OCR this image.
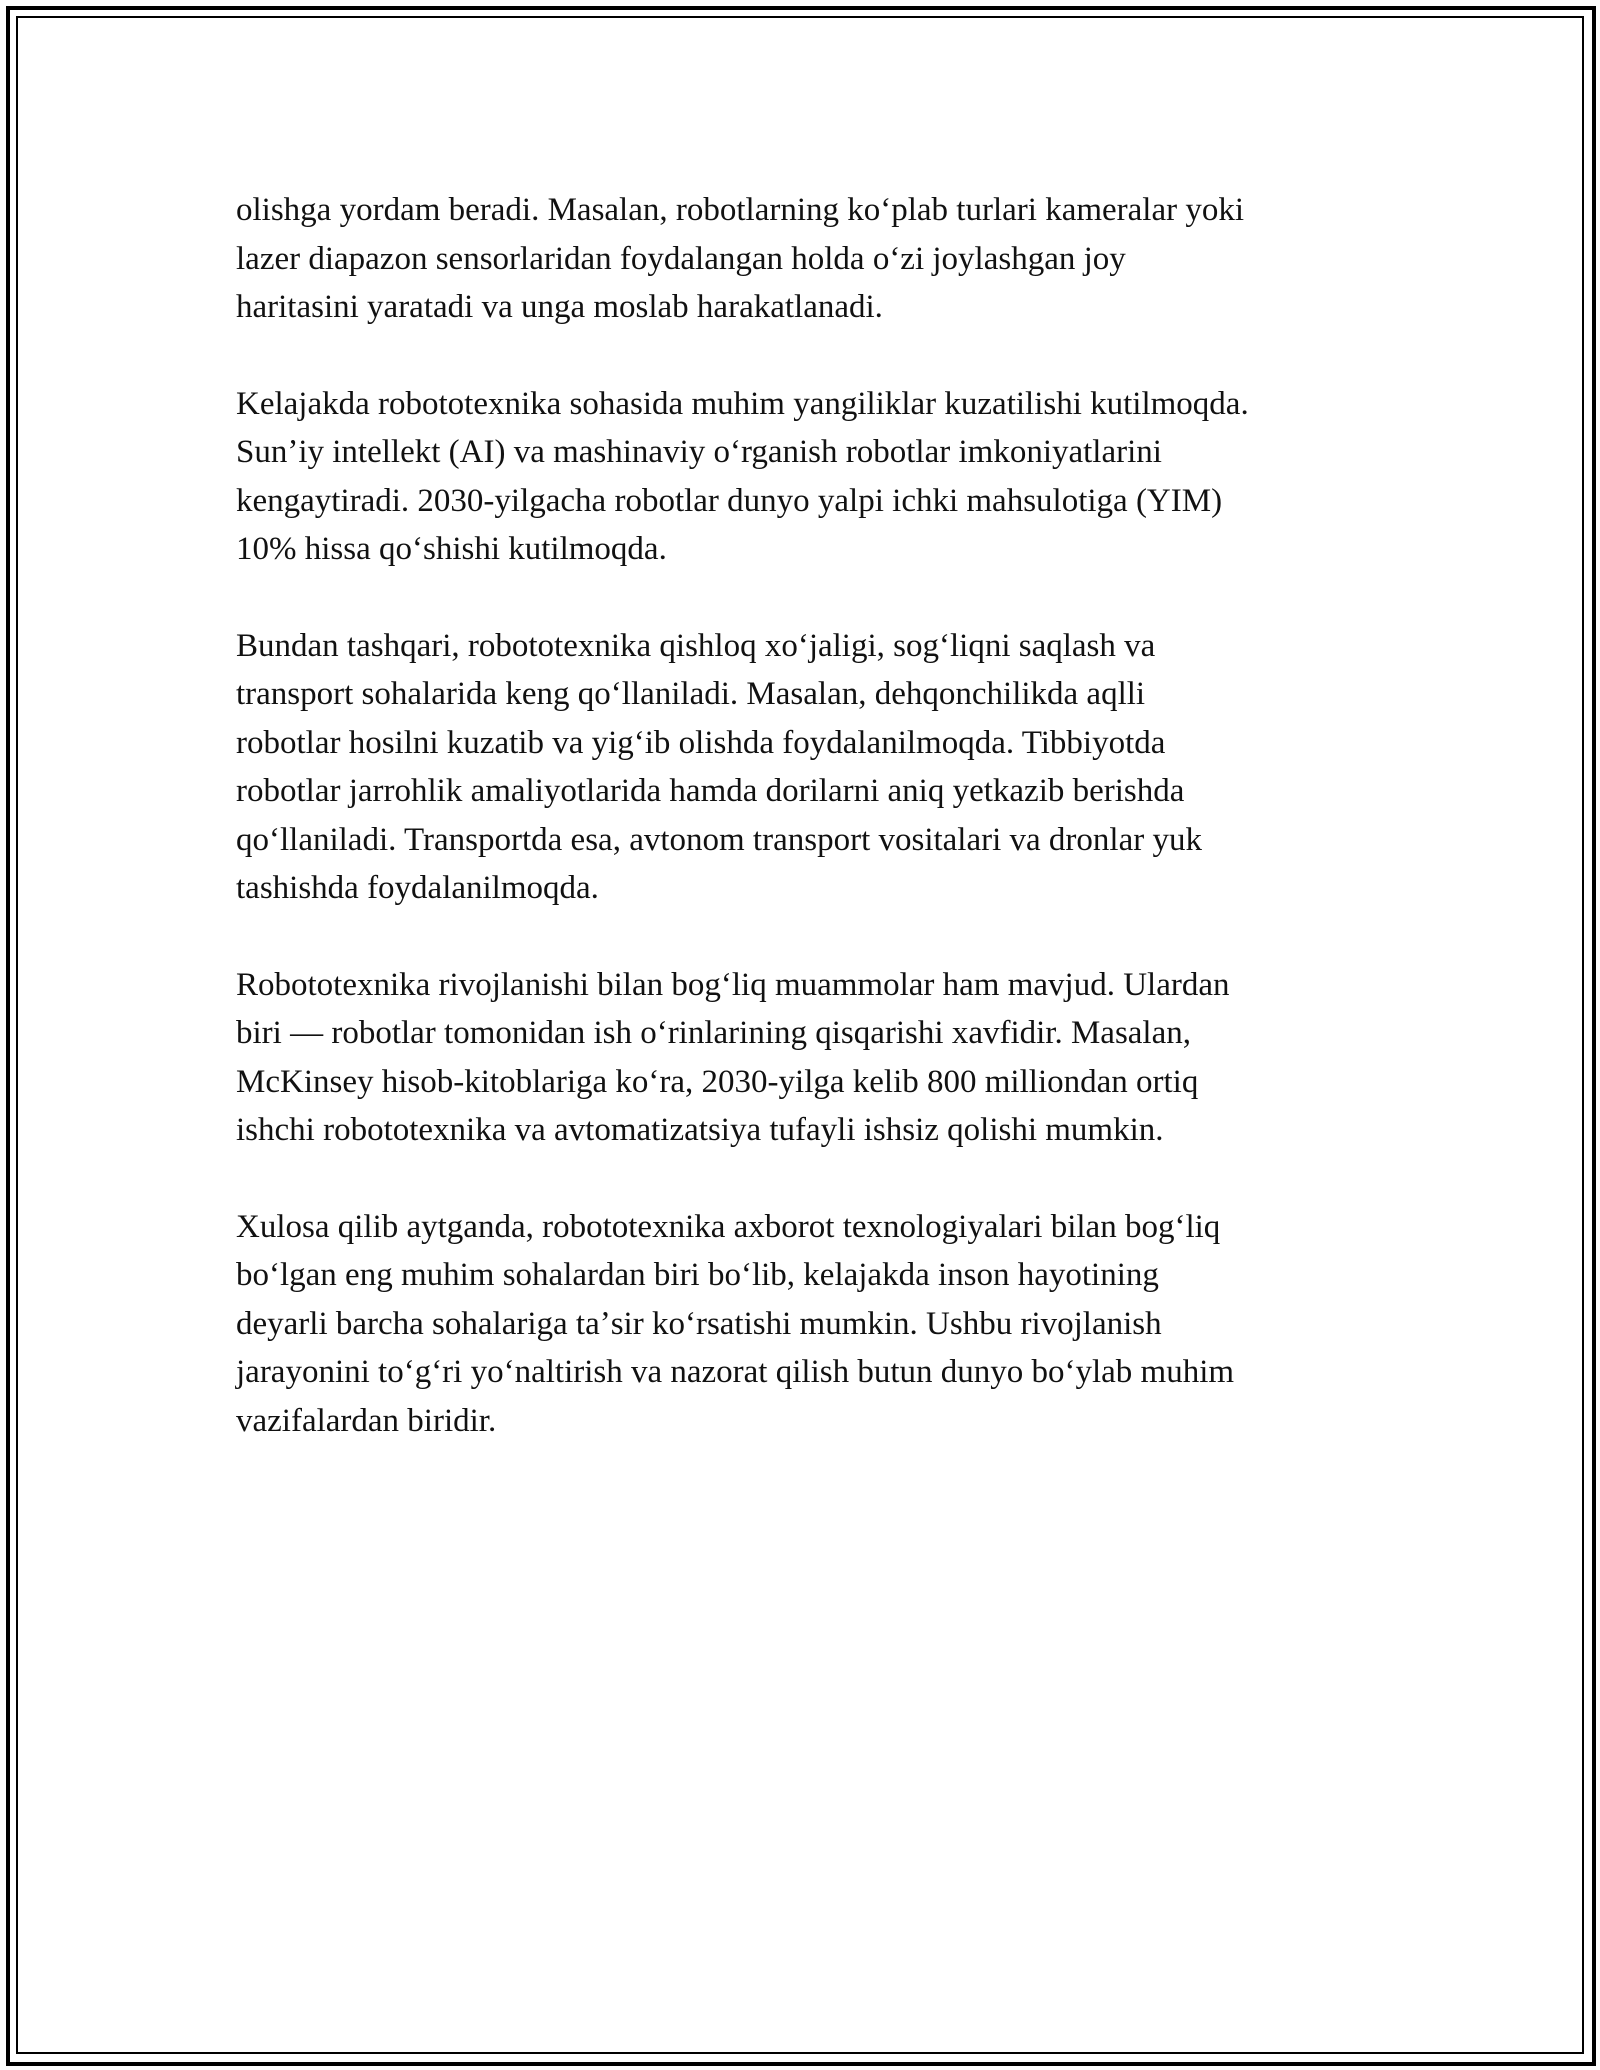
olishga yordam beradi. Masalan, robotlarning koʻplab turlari kameralar yoki
lazer diapazon sensorlaridan foydalangan holda oʻzi joylashgan joy
haritasini yaratadi va unga moslab harakatlanadi.

Kelajakda robototexnika sohasida muhim yangiliklar kuzatilishi kutilmoqda.
Sunʼiy intellekt (AI) va mashinaviy oʻrganish robotlar imkoniyatlarini
kengaytiradi. 2030-yilgacha robotlar dunyo yalpi ichki mahsulotiga (YIM)
10% hissa qoʻshishi kutilmoqda.

Bundan tashqari, robototexnika qishloq xoʻjaligi, sogʻliqni saqlash va
transport sohalarida keng qoʻllaniladi. Masalan, dehqonchilikda aqlli
robotlar hosilni kuzatib va yigʻib olishda foydalanilmoqda. Tibbiyotda
robotlar jarrohlik amaliyotlarida hamda dorilarni aniq yetkazib berishda
qoʻllaniladi. Transportda esa, avtonom transport vositalari va dronlar yuk
tashishda foydalanilmoqda.

Robototexnika rivojlanishi bilan bogʻliq muammolar ham mavjud. Ulardan
biri — robotlar tomonidan ish oʻrinlarining qisqarishi xavfidir. Masalan,
McKinsey hisob-kitoblariga koʻra, 2030-yilga kelib 800 milliondan ortiq
ishchi robototexnika va avtomatizatsiya tufayli ishsiz qolishi mumkin.

Xulosa qilib aytganda, robototexnika axborot texnologiyalari bilan bogʻliq
boʻlgan eng muhim sohalardan biri boʻlib, kelajakda inson hayotining
deyarli barcha sohalariga taʼsir koʻrsatishi mumkin. Ushbu rivojlanish
jarayonini toʻgʻri yoʻnaltirish va nazorat qilish butun dunyo boʻylab muhim
vazifalardan biridir.
